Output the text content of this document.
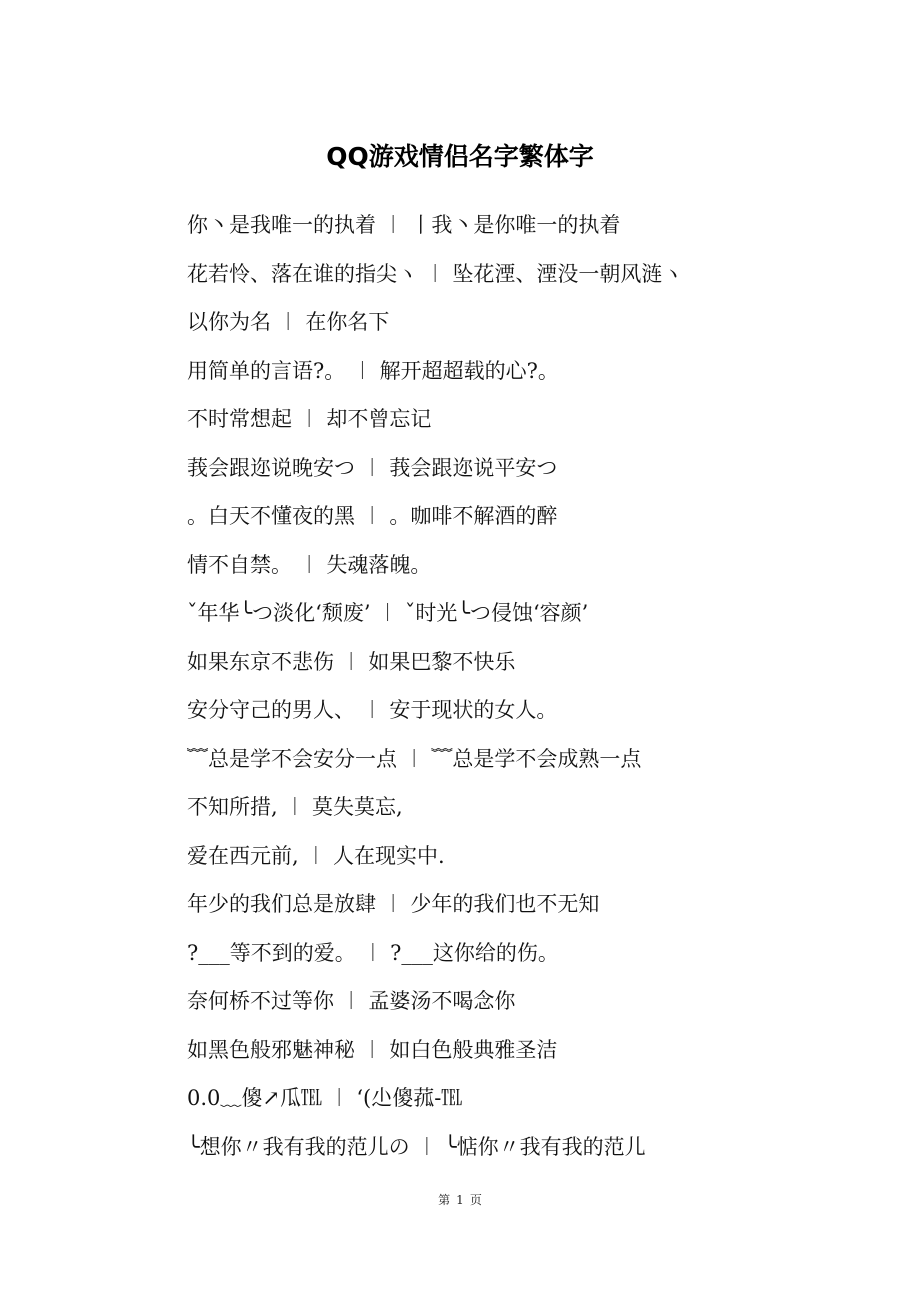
QQ游戏情侣名字繁体字
你丶是我唯一的执着 ︱ 丨我丶是你唯一的执着
花若怜、落在谁的指尖ヽ ︱ 坠花湮、湮没一朝风涟ヽ
以你为名 ︱ 在你名下
用简单的言语?。 ︱ 解开超超载的心?。
不时常想起 ︱ 却不曾忘记
莪会跟迩说晚安つ ︱ 莪会跟迩说平安つ
。白天不懂夜的黑 ︱ 。咖啡不解酒的醉
情不自禁。 ︱ 失魂落魄。
ˇ年华╰つ淡化‘颓废’ ︱ ˇ时光╰つ侵蚀‘容颜’
如果东京不悲伤 ︱ 如果巴黎不快乐
安分守己的男人、 ︱ 安于现状的女人。
﹌总是学不会安分一点 ︱ ﹌总是学不会成熟一点
不知所措, ︱ 莫失莫忘,
爱在西元前, ︱ 人在现实中.
年少的我们总是放肆 ︱ 少年的我们也不无知
?___等不到的爱。 ︱ ?___这你给的伤。
奈何桥不过等你 ︱ 孟婆汤不喝念你
如黑色般邪魅神秘 ︱ 如白色般典雅圣洁
0.0﹏傻↗瓜℡ ︱ ‘(尐傻菰-℡
╰想你〃我有我的范儿の ︱ ╰惦你〃我有我的范儿
第 1 页
